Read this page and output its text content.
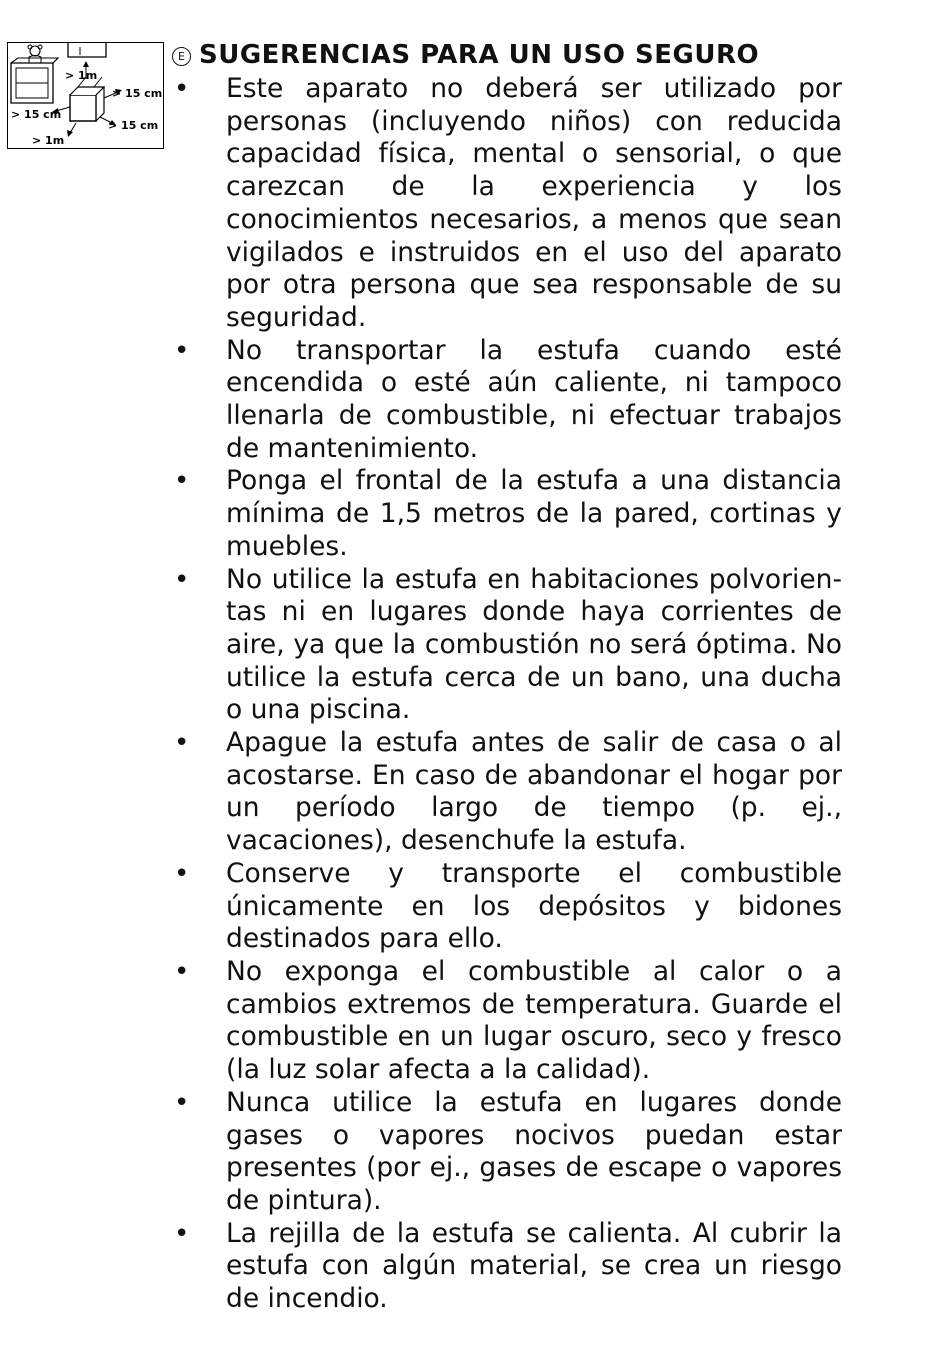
> 1m
> 15 cm
> 15 cm
> 15 cm
> 1m
E SUGERENCIAS PARA UN USO SEGURO
•	Este aparato no deberá ser utilizado por personas (incluyendo niños) con reducida capacidad física, mental o sensorial, o que carezcan de la experiencia y los conocimientos necesarios, a menos que sean vigilados e instruidos en el uso del aparato por otra persona que sea responsable de su seguridad.
•	No transportar la estufa cuando esté encendida o esté aún caliente, ni tampoco llenarla de combustible, ni efectuar trabajos de mantenimiento.
•	Ponga el frontal de la estufa a una distancia mínima de 1,5 metros de la pared, cortinas y muebles.
•	No utilice la estufa en habitaciones polvorientas ni en lugares donde haya corrientes de aire, ya que la combustión no será óptima. No utilice la estufa cerca de un bano, una ducha o una piscina.
•	Apague la estufa antes de salir de casa o al acostarse. En caso de abandonar el hogar por un período largo de tiempo (p. ej., vacaciones), desenchufe la estufa.
•	Conserve y transporte el combustible únicamente en los depósitos y bidones destinados para ello.
•	No exponga el combustible al calor o a cambios extremos de temperatura. Guarde el combustible en un lugar oscuro, seco y fresco (la luz solar afecta a la calidad).
•	Nunca utilice la estufa en lugares donde gases o vapores nocivos puedan estar presentes (por ej., gases de escape o vapores de pintura).
•	La rejilla de la estufa se calienta. Al cubrir la estufa con algún material, se crea un riesgo de incendio.
